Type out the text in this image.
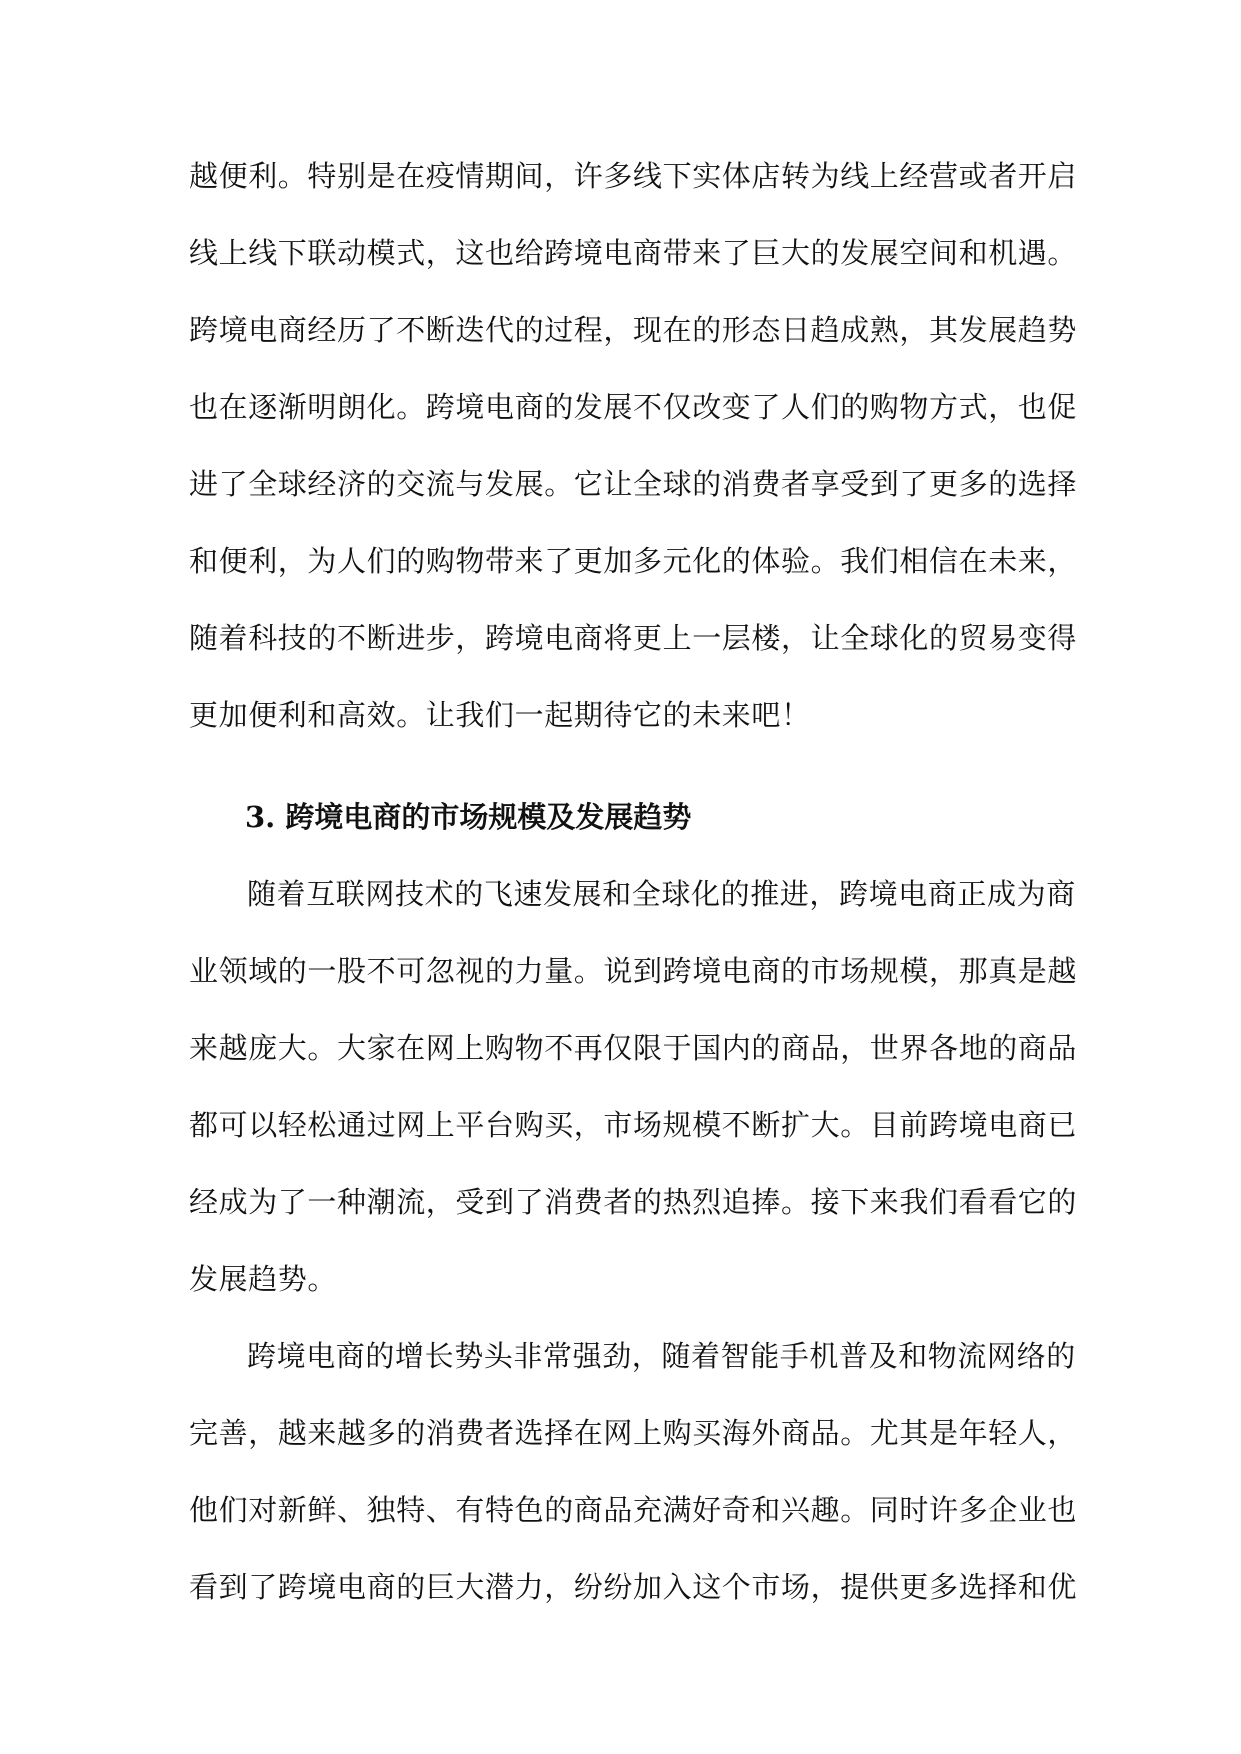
越便利。特别是在疫情期间，许多线下实体店转为线上经营或者开启
线上线下联动模式，这也给跨境电商带来了巨大的发展空间和机遇。
跨境电商经历了不断迭代的过程，现在的形态日趋成熟，其发展趋势
也在逐渐明朗化。跨境电商的发展不仅改变了人们的购物方式，也促
进了全球经济的交流与发展。它让全球的消费者享受到了更多的选择
和便利，为人们的购物带来了更加多元化的体验。我们相信在未来，
随着科技的不断进步，跨境电商将更上一层楼，让全球化的贸易变得
更加便利和高效。让我们一起期待它的未来吧！
3. 跨境电商的市场规模及发展趋势
随着互联网技术的飞速发展和全球化的推进，跨境电商正成为商
业领域的一股不可忽视的力量。说到跨境电商的市场规模，那真是越
来越庞大。大家在网上购物不再仅限于国内的商品，世界各地的商品
都可以轻松通过网上平台购买，市场规模不断扩大。目前跨境电商已
经成为了一种潮流，受到了消费者的热烈追捧。接下来我们看看它的
发展趋势。
跨境电商的增长势头非常强劲，随着智能手机普及和物流网络的
完善，越来越多的消费者选择在网上购买海外商品。尤其是年轻人，
他们对新鲜、独特、有特色的商品充满好奇和兴趣。同时许多企业也
看到了跨境电商的巨大潜力，纷纷加入这个市场，提供更多选择和优
